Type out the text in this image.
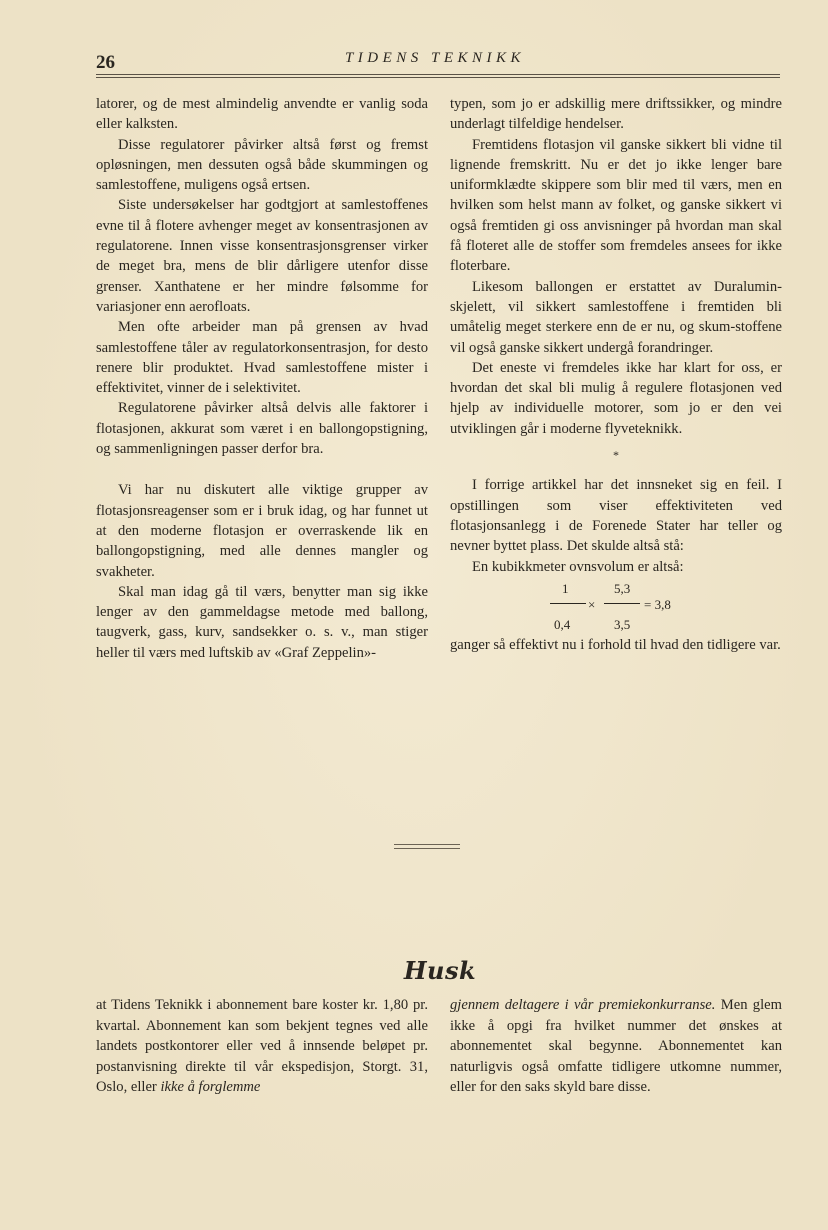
26	TIDENS TEKNIKK

latorer, og de mest almindelig anvendte er vanlig soda eller kalksten.

Disse regulatorer påvirker altså først og fremst opløsningen, men dessuten også både skummingen og samlestoffene, muligens også ertsen.

Siste undersøkelser har godtgjort at samlestoffenes evne til å flotere avhenger meget av konsentrasjonen av regulatorene. Innen visse konsentrasjonsgrenser virker de meget bra, mens de blir dårligere utenfor disse grenser. Xanthatene er her mindre følsomme for variasjoner enn aerofloats.

Men ofte arbeider man på grensen av hvad samlestoffene tåler av regulatorkonsentrasjon, for desto renere blir produktet. Hvad samlestoffene mister i effektivitet, vinner de i selektivitet.

Regulatorene påvirker altså delvis alle faktorer i flotasjonen, akkurat som været i en ballongopstigning, og sammenligningen passer derfor bra.

Vi har nu diskutert alle viktige grupper av flotasjonsreagenser som er i bruk idag, og har funnet ut at den moderne flotasjon er overraskende lik en ballongopstigning, med alle dennes mangler og svakheter.

Skal man idag gå til værs, benytter man sig ikke lenger av den gammeldagse metode med ballong, taugverk, gass, kurv, sandsekker o. s. v., man stiger heller til værs med luftskib av «Graf Zeppelin»-

typen, som jo er adskillig mere driftssikker, og mindre underlagt tilfeldige hendelser.

Fremtidens flotasjon vil ganske sikkert bli vidne til lignende fremskritt. Nu er det jo ikke lenger bare uniformklædte skippere som blir med til værs, men en hvilken som helst mann av folket, og ganske sikkert vi også fremtiden gi oss anvisninger på hvordan man skal få floteret alle de stoffer som fremdeles ansees for ikke floterbare.

Likesom ballongen er erstattet av Duralumin-skjelett, vil sikkert samlestoffene i fremtiden bli umåtelig meget sterkere enn de er nu, og skum-stoffene vil også ganske sikkert undergå forandringer.

Det eneste vi fremdeles ikke har klart for oss, er hvordan det skal bli mulig å regulere flotasjonen ved hjelp av individuelle motorer, som jo er den vei utviklingen går i moderne flyveteknikk.

*

I forrige artikkel har det innsneket sig en feil. I opstillingen som viser effektiviteten ved flotasjonsanlegg i de Forenede Stater har teller og nevner byttet plass. Det skulde altså stå:

En kubikkmeter ovnsvolum er altså:

1	5,3
×	= 3,8
0,4	3,5

ganger så effektivt nu i forhold til hvad den tidligere var.

Husk

at Tidens Teknikk i abonnement bare koster kr. 1,80 pr. kvartal. Abonnement kan som bekjent tegnes ved alle landets postkontorer eller ved å innsende beløpet pr. postanvisning direkte til vår ekspedisjon, Storgt. 31, Oslo, eller ikke å forglemme

gjennem deltagere i vår premiekonkurranse. Men glem ikke å opgi fra hvilket nummer det ønskes at abonnementet skal begynne. Abonnementet kan naturligvis også omfatte tidligere utkomne nummer, eller for den saks skyld bare disse.
